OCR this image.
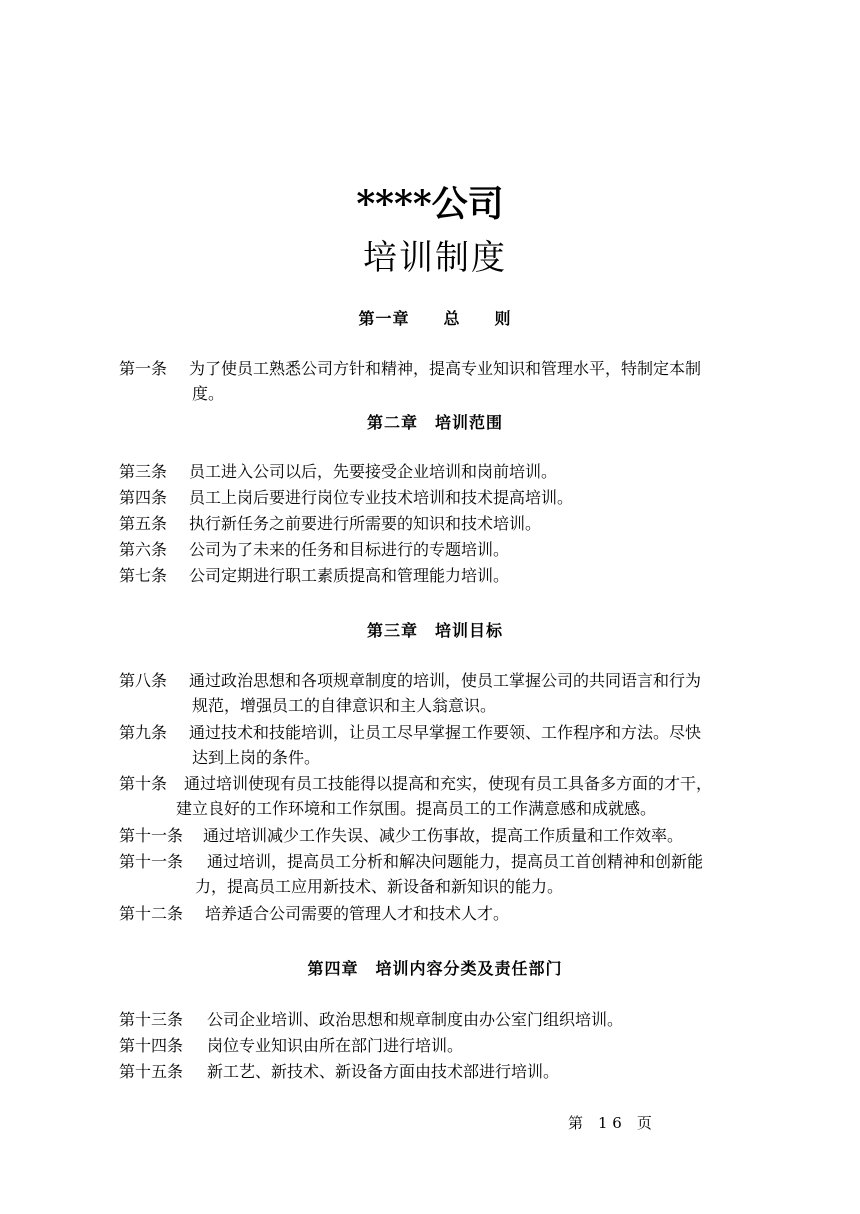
****公司
培训制度
第一章　　总　　则
第一条 为了使员工熟悉公司方针和精神，提高专业知识和管理水平，特制定本制
度。
第二章　培训范围
第三条 员工进入公司以后，先要接受企业培训和岗前培训。
第四条 员工上岗后要进行岗位专业技术培训和技术提高培训。
第五条 执行新任务之前要进行所需要的知识和技术培训。
第六条 公司为了未来的任务和目标进行的专题培训。
第七条 公司定期进行职工素质提高和管理能力培训。
第三章　培训目标
第八条 通过政治思想和各项规章制度的培训，使员工掌握公司的共同语言和行为
规范，增强员工的自律意识和主人翁意识。
第九条 通过技术和技能培训，让员工尽早掌握工作要领、工作程序和方法。尽快
达到上岗的条件。
第十条 通过培训使现有员工技能得以提高和充实，使现有员工具备多方面的才干，
建立良好的工作环境和工作氛围。提高员工的工作满意感和成就感。
第十一条 通过培训减少工作失误、减少工伤事故，提高工作质量和工作效率。
第十一条 通过培训，提高员工分析和解决问题能力，提高员工首创精神和创新能
力，提高员工应用新技术、新设备和新知识的能力。
第十二条 培养适合公司需要的管理人才和技术人才。
第四章　培训内容分类及责任部门
第十三条 公司企业培训、政治思想和规章制度由办公室门组织培训。
第十四条 岗位专业知识由所在部门进行培训。
第十五条 新工艺、新技术、新设备方面由技术部进行培训。
第　1 6　页
